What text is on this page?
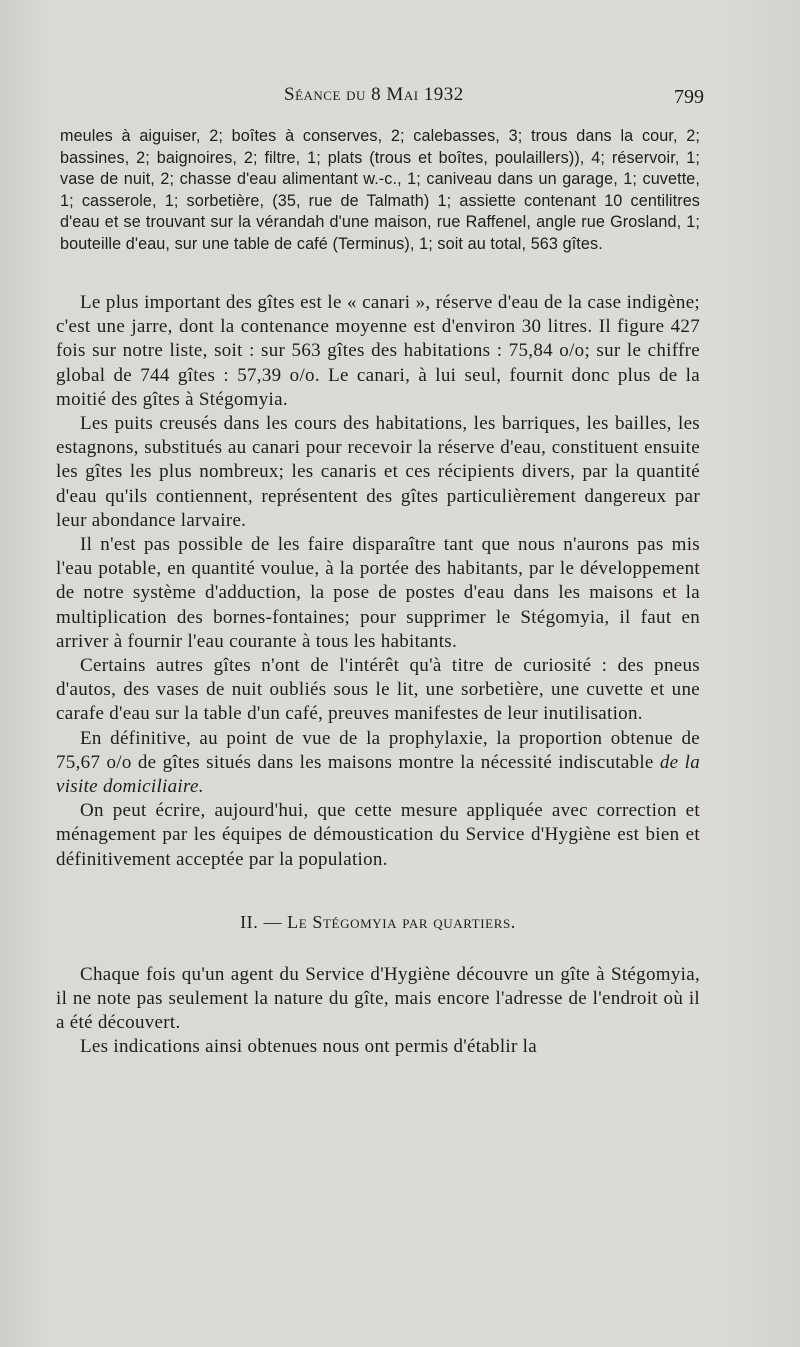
Séance du 8 Mai 1932	799

meules à aiguiser, 2; boîtes à conserves, 2; calebasses, 3; trous dans la cour, 2; bassines, 2; baignoires, 2; filtre, 1; plats (trous et boîtes, poulaillers)), 4; réservoir, 1; vase de nuit, 2; chasse d'eau alimentant w.-c., 1; caniveau dans un garage, 1; cuvette, 1; casserole, 1; sorbetière, (35, rue de Talmath) 1; assiette contenant 10 centilitres d'eau et se trouvant sur la vérandah d'une maison, rue Raffenel, angle rue Grosland, 1; bouteille d'eau, sur une table de café (Terminus), 1; soit au total, 563 gîtes.

Le plus important des gîtes est le « canari », réserve d'eau de la case indigène; c'est une jarre, dont la contenance moyenne est d'environ 30 litres. Il figure 427 fois sur notre liste, soit : sur 563 gîtes des habitations : 75,84 o/o; sur le chiffre global de 744 gîtes : 57,39 o/o. Le canari, à lui seul, fournit donc plus de la moitié des gîtes à Stégomyia.

Les puits creusés dans les cours des habitations, les barriques, les bailles, les estagnons, substitués au canari pour recevoir la réserve d'eau, constituent ensuite les gîtes les plus nombreux; les canaris et ces récipients divers, par la quantité d'eau qu'ils contiennent, représentent des gîtes particulièrement dangereux par leur abondance larvaire.

Il n'est pas possible de les faire disparaître tant que nous n'aurons pas mis l'eau potable, en quantité voulue, à la portée des habitants, par le développement de notre système d'adduction, la pose de postes d'eau dans les maisons et la multiplication des bornes-fontaines; pour supprimer le Stégomyia, il faut en arriver à fournir l'eau courante à tous les habitants.

Certains autres gîtes n'ont de l'intérêt qu'à titre de curiosité : des pneus d'autos, des vases de nuit oubliés sous le lit, une sorbetière, une cuvette et une carafe d'eau sur la table d'un café, preuves manifestes de leur inutilisation.

En définitive, au point de vue de la prophylaxie, la proportion obtenue de 75,67 o/o de gîtes situés dans les maisons montre la nécessité indiscutable de la visite domiciliaire.

On peut écrire, aujourd'hui, que cette mesure appliquée avec correction et ménagement par les équipes de démoustication du Service d'Hygiène est bien et définitivement acceptée par la population.

II. — Le Stégomyia par quartiers.

Chaque fois qu'un agent du Service d'Hygiène découvre un gîte à Stégomyia, il ne note pas seulement la nature du gîte, mais encore l'adresse de l'endroit où il a été découvert.

Les indications ainsi obtenues nous ont permis d'établir la
